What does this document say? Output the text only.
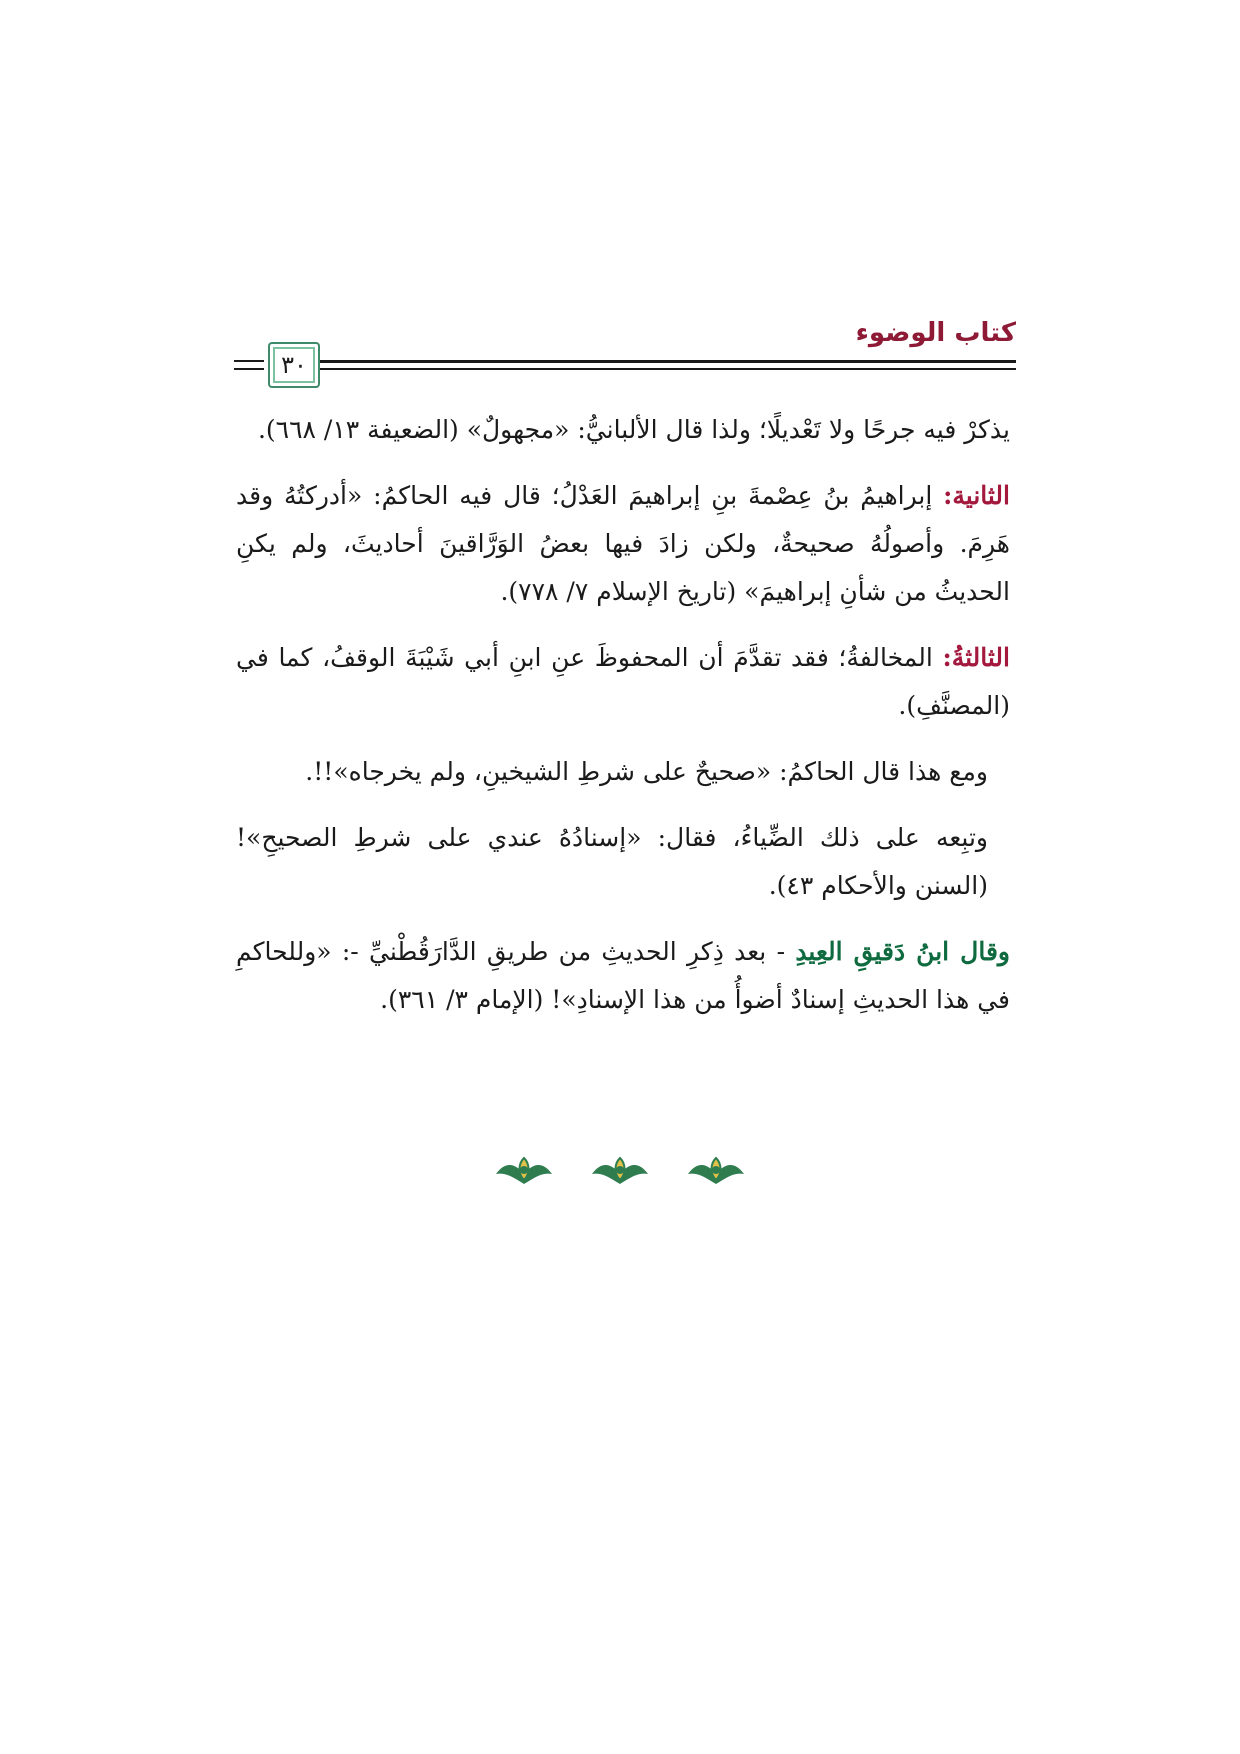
كتاب الوضوء
٣٠

يذكرْ فيه جرحًا ولا تَعْديلًا؛ ولذا قال الألبانيُّ: «مجهولٌ» (الضعيفة ١٣/ ٦٦٨).

الثانية: إبراهيمُ بنُ عِصْمةَ بنِ إبراهيمَ العَدْلُ؛ قال فيه الحاكمُ: «أدركتُهُ وقد هَرِمَ. وأصولُهُ صحيحةٌ، ولكن زادَ فيها بعضُ الوَرَّاقينَ أحاديثَ، ولم يكنِ الحديثُ من شأنِ إبراهيمَ» (تاريخ الإسلام ٧/ ٧٧٨).

الثالثةُ: المخالفةُ؛ فقد تقدَّمَ أن المحفوظَ عنِ ابنِ أبي شَيْبَةَ الوقفُ، كما في (المصنَّفِ).

ومع هذا قال الحاكمُ: «صحيحٌ على شرطِ الشيخينِ، ولم يخرجاه»!!.

وتبِعه على ذلك الضِّياءُ، فقال: «إسنادُهُ عندي على شرطِ الصحيحِ»! (السنن والأحكام ٤٣).

وقال ابنُ دَقيقِ العِيدِ - بعد ذِكرِ الحديثِ من طريقِ الدَّارَقُطْنيِّ -: «وللحاكمِ في هذا الحديثِ إسنادٌ أضوأُ من هذا الإسنادِ»! (الإمام ٣/ ٣٦١).
